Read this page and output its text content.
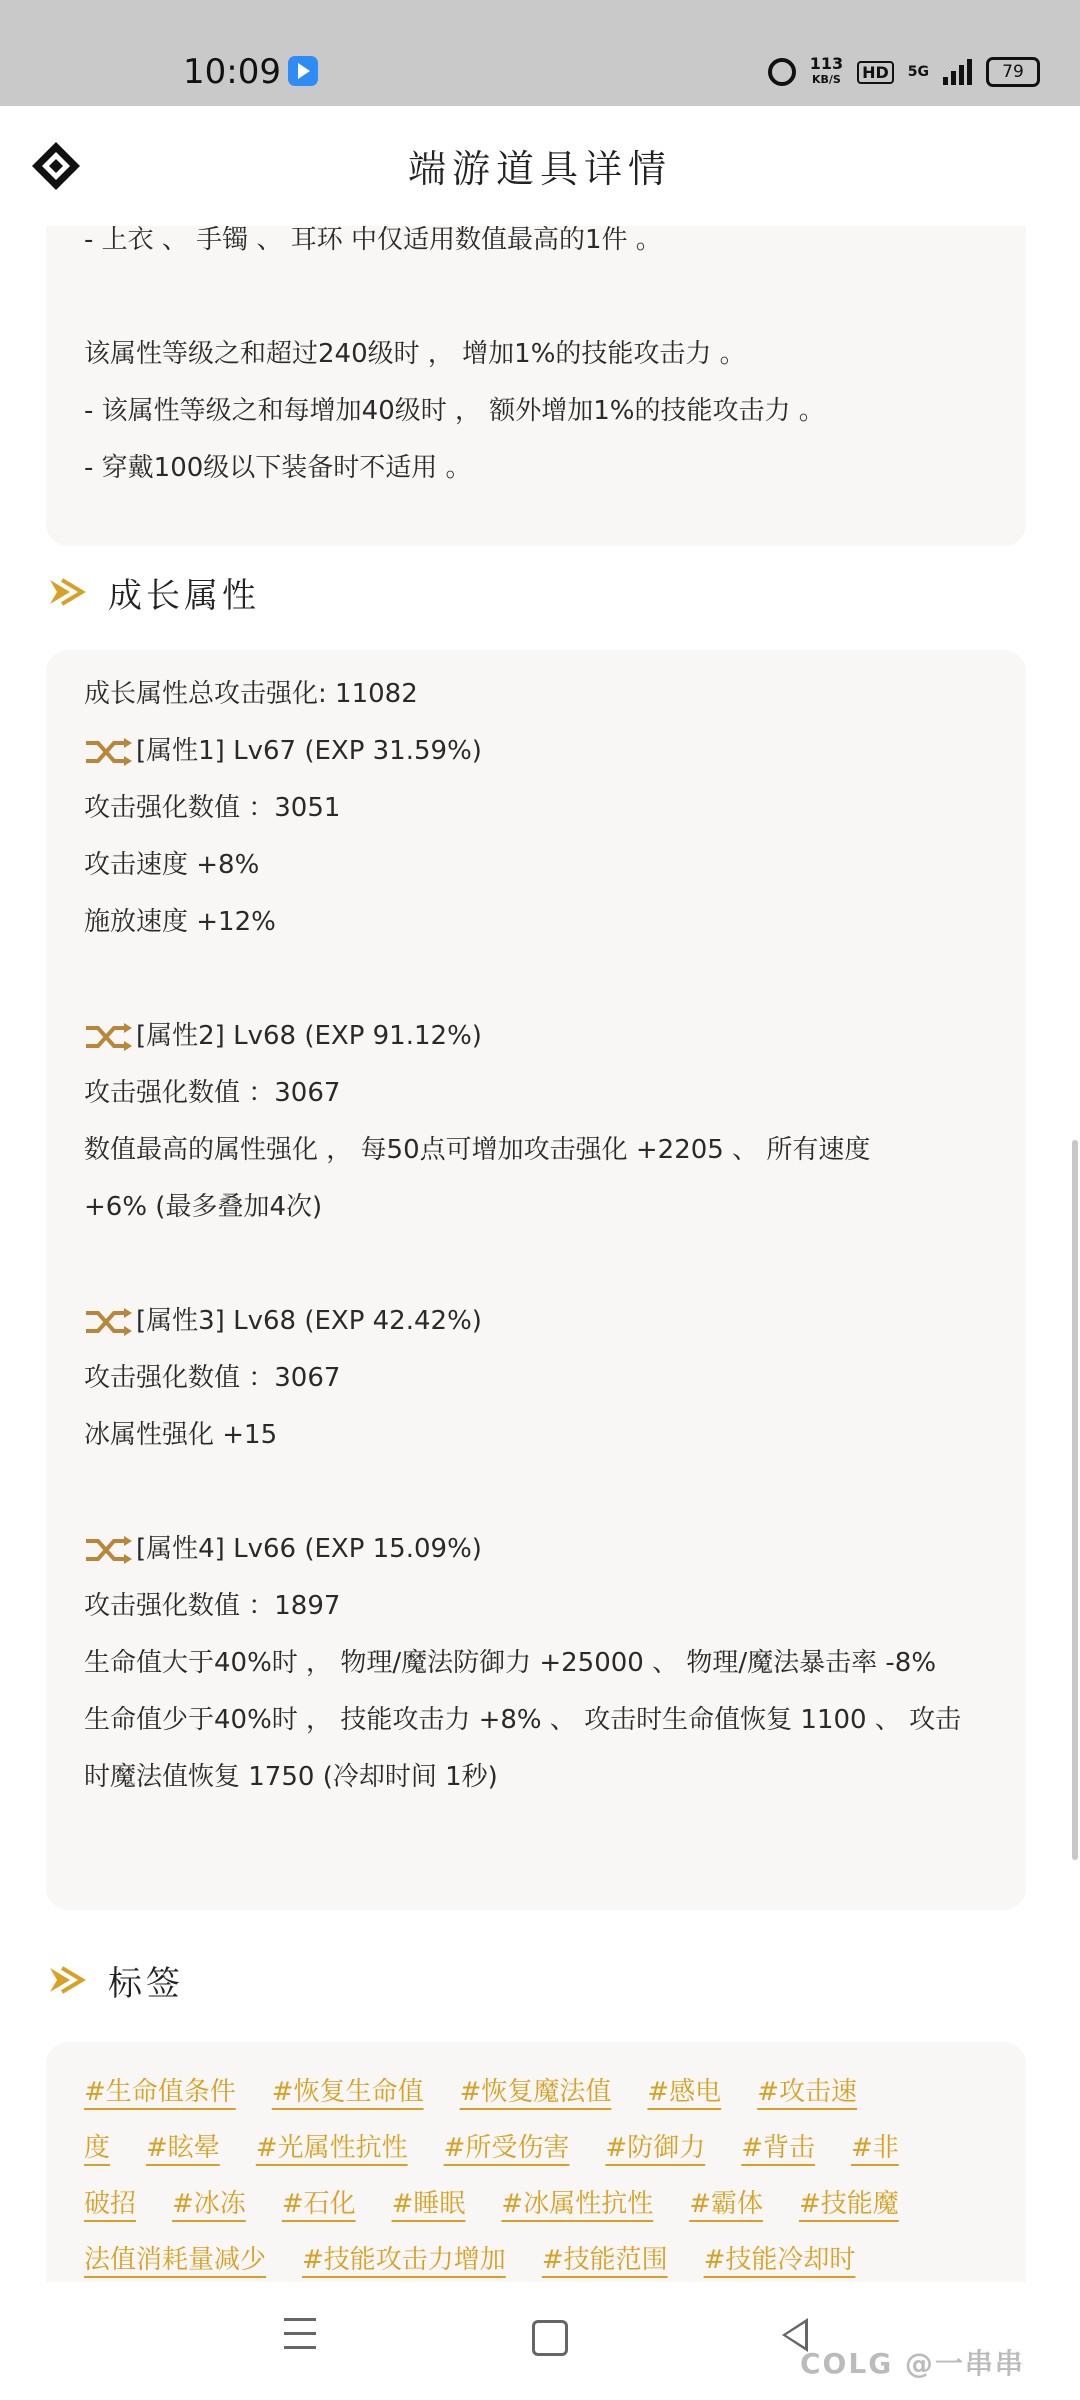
10:09	113
KB/S	HD	5G	79
端游道具详情
- 上衣 、 手镯 、 耳环 中仅适用数值最高的1件 。
该属性等级之和超过240级时 ， 增加1%的技能攻击力 。
- 该属性等级之和每增加40级时 ， 额外增加1%的技能攻击力 。
- 穿戴100级以下装备时不适用 。
成长属性
成长属性总攻击强化: 11082
[属性1] Lv67 (EXP 31.59%)
攻击强化数值 ：3051
攻击速度 +8%
施放速度 +12%
[属性2] Lv68 (EXP 91.12%)
攻击强化数值 ：3067
数值最高的属性强化 ， 每50点可增加攻击强化 +2205 、 所有速度
+6% (最多叠加4次)
[属性3] Lv68 (EXP 42.42%)
攻击强化数值 ：3067
冰属性强化 +15
[属性4] Lv66 (EXP 15.09%)
攻击强化数值 ：1897
生命值大于40%时 ， 物理/魔法防御力 +25000 、 物理/魔法暴击率 -8%
生命值少于40%时 ， 技能攻击力 +8% 、 攻击时生命值恢复 1100 、 攻击
时魔法值恢复 1750 (冷却时间 1秒)
标签
#生命值条件 #恢复生命值 #恢复魔法值 #感电 #攻击速
度 #眩晕 #光属性抗性 #所受伤害 #防御力 #背击 #非
破招 #冰冻 #石化 #睡眠 #冰属性抗性 #霸体 #技能魔
法值消耗量减少 #技能攻击力增加 #技能范围 #技能冷却时
COLG @一串串
